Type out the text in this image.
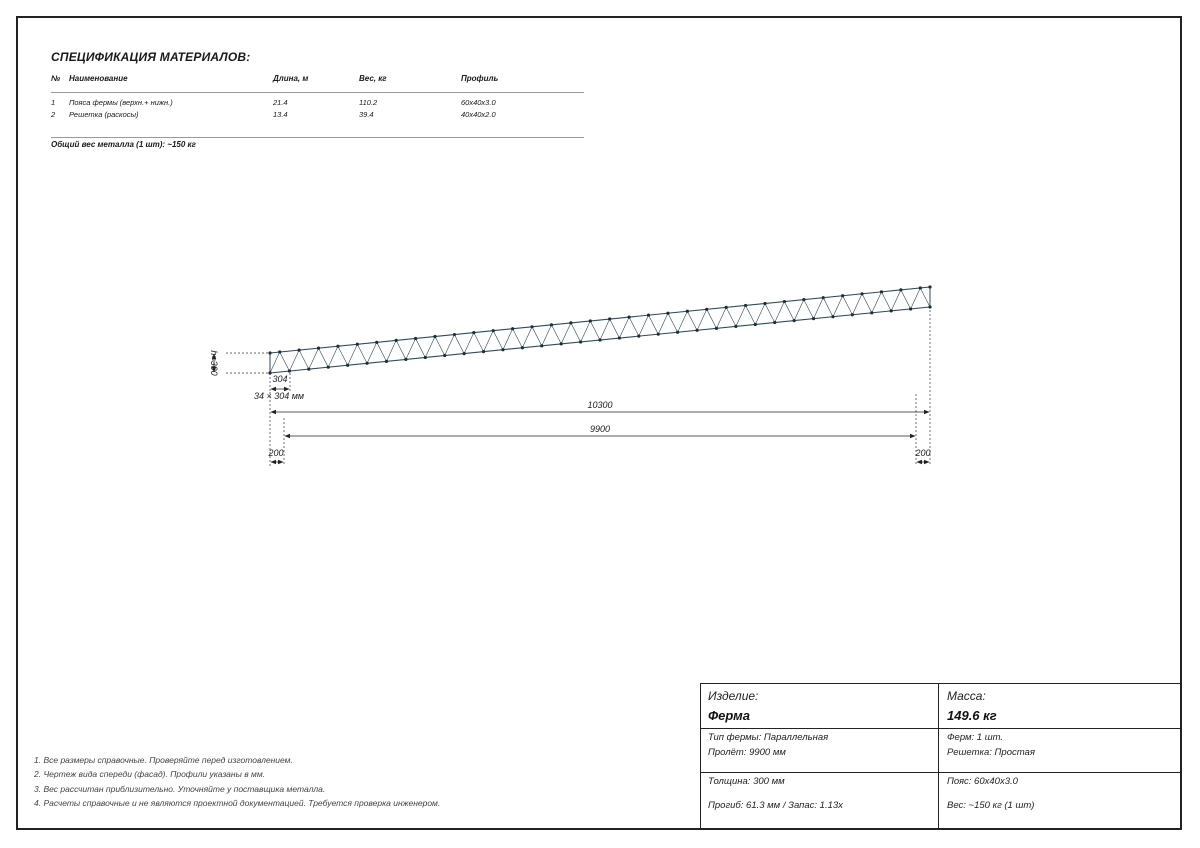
СПЕЦИФИКАЦИЯ МАТЕРИАЛОВ:
№ Наименование	Длина, м	Вес, кг	Профиль
1 Пояса фермы (верхн.+ нижн.)	21.4	110.2	60x40x3.0
2 Решетка (раскосы)	13.4	39.4	40x40x2.0
Общий вес металла (1 шт): ~150 кг
h=300
304
34 × 304 мм
10300
9900
200	200
1. Все размеры справочные. Проверяйте перед изготовлением.
2. Чертеж вида спереди (фасад). Профили указаны в мм.
3. Вес рассчитан приблизительно. Уточняйте у поставщика металла.
4. Расчеты справочные и не являются проектной документацией. Требуется проверка инженером.
Изделие:
Ферма
Масса:
149.6 кг
Тип фермы: Параллельная
Пролёт: 9900 мм
Ферм: 1 шт.
Решетка: Простая
Толщина: 300 мм
Прогиб: 61.3 мм / Запас: 1.13х
Пояс: 60x40x3.0
Вес: ~150 кг (1 шт)
